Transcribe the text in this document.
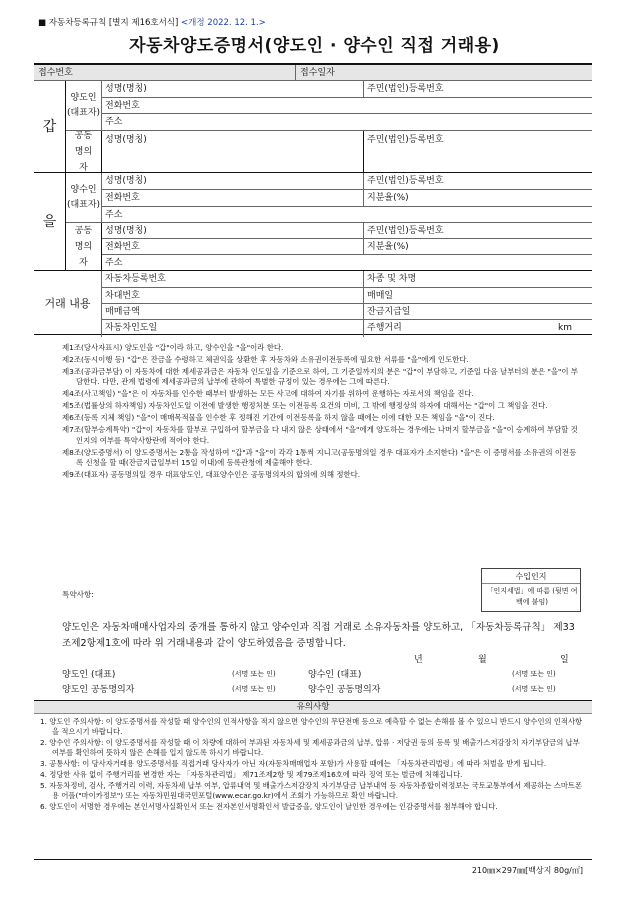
■ 자동차등록규칙 [별지 제16호서식] <개정 2022. 12. 1.>
자동차양도증명서(양도인 · 양수인 직접 거래용)
접수번호	접수일자
갑
양도인
(대표자)
성명(명칭)	주민(법인)등록번호
전화번호
주소
공동명의자
성명(명칭)	주민(법인)등록번호
을
양수인
(대표자)
성명(명칭)	주민(법인)등록번호
전화번호	지분율(%)
주소
공동명의자
성명(명칭)	주민(법인)등록번호
전화번호	지분율(%)
주소
거래 내용
자동차등록번호	차종 및 차명
차대번호	매매일
매매금액	잔금지급일
자동차인도일	주행거리	km
제1조(당사자표시) 양도인을 "갑"이라 하고, 양수인을 "을"이라 한다.
제2조(동시이행 등) "갑"은 잔금을 수령하고 체권익을 상환한 후 자동차와 소유권이전등록에 필요한 서류를 "을"에게 인도한다.
제3조(공과금부담) 이 자동차에 대한 제세공과금은 자동차 인도일을 기준으로 하여, 그 기준일까지의 분은 "갑"이 부담하고, 기준일 다음 날부터의 분은 "을"이 부담한다. 다만, 관계 법령에 제세공과금의 납부에 관하여 특별한 규정이 있는 경우에는 그에 따른다.
제4조(사고책임) "을"은 이 자동차를 인수한 때부터 발생하는 모든 사고에 대하여 자기를 위하여 운행하는 자로서의 책임을 진다.
제5조(법률상의 하자책임) 자동차인도일 이전에 발생한 행정처분 또는 이전등록 요건의 미비, 그 밖에 행정상의 하자에 대해서는 "갑"이 그 책임을 진다.
제6조(등록 지체 책임) "을"이 매매목적물을 인수한 후 정해진 기간에 이전등록을 하지 않을 때에는 이에 대한 모든 책임을 "을"이 진다.
제7조(할부승계특약) "갑"이 자동차를 할부로 구입하여 할부금을 다 내지 않은 상태에서 "을"에게 양도하는 경우에는 나머지 할부금을 "을"이 승계하여 부담할 것인지의 여부를 특약사항란에 적어야 한다.
제8조(양도증명서) 이 양도증명서는 2통을 작성하여 "갑"과 "을"이 각각 1통씩 지니고(공동명의일 경우 대표자가 소지한다) "을"은 이 증명서를 소유권의 이전등록 신청을 할 때(잔금지급일부터 15일 이내)에 등록관청에 제출해야 한다.
제9조(대표자) 공동명의일 경우 대표양도인, 대표양수인은 공동명의자의 합의에 의해 정한다.
수입인지
「인지세법」에 따름 (뒷면 여백에 붙임)
특약사항:
양도인은 자동차매매사업자의 중개를 통하지 않고 양수인과 직접 거래로 소유자동차를 양도하고, 「자동차등록규칙」 제33조제2항제1호에 따라 위 거래내용과 같이 양도하였음을 증명합니다.
년	월	일
양도인 (대표)	(서명 또는 인)	양수인 (대표)	(서명 또는 인)
양도인 공동명의자	(서명 또는 인)	양수인 공동명의자	(서명 또는 인)
유의사항
1. 양도인 주의사항: 이 양도증명서를 작성할 때 양수인의 인적사항을 적지 않으면 양수인의 무단전매 등으로 예측할 수 없는 손해를 볼 수 있으니 반드시 양수인의 인적사항을 적으시기 바랍니다.
2. 양수인 주의사항: 이 양도증명서를 작성할 때 이 차량에 대하여 부과된 자동차세 및 제세공과금의 납부, 압류 · 저당권 등의 등록 및 배출가스저감장치 자기부담금의 납부 여부를 확인하여 뜻하지 않은 손해를 입지 않도록 하시기 바랍니다.
3. 공통사항: 이 당사자거래용 양도증명서를 직접거래 당사자가 아닌 자(자동차매매업자 포함)가 사용할 때에는 「자동차관리법령」에 따라 처벌을 받게 됩니다.
4. 정당한 사유 없이 주행거리를 변경한 자는 「자동차관리법」 제71조제2항 및 제79조제16호에 따라 징역 또는 벌금에 처해집니다.
5. 자동차정비, 검사, 주행거리 이력, 자동차세 납부 여부, 압류내역 및 배출가스저감장치 자기부담금 납부내역 등 자동차종합이력정보는 국토교통부에서 제공하는 스마트폰용 어플("마이카정보") 또는 자동차민원대국민포털(www.ecar.go.kr)에서 조회가 가능하므로 확인 바랍니다.
6. 양도인이 서명한 경우에는 본인서명사실확인서 또는 전자본인서명확인서 발급증을, 양도인이 날인한 경우에는 인감증명서를 첨부해야 합니다.
210㎜×297㎜[백상지 80g/㎡]
